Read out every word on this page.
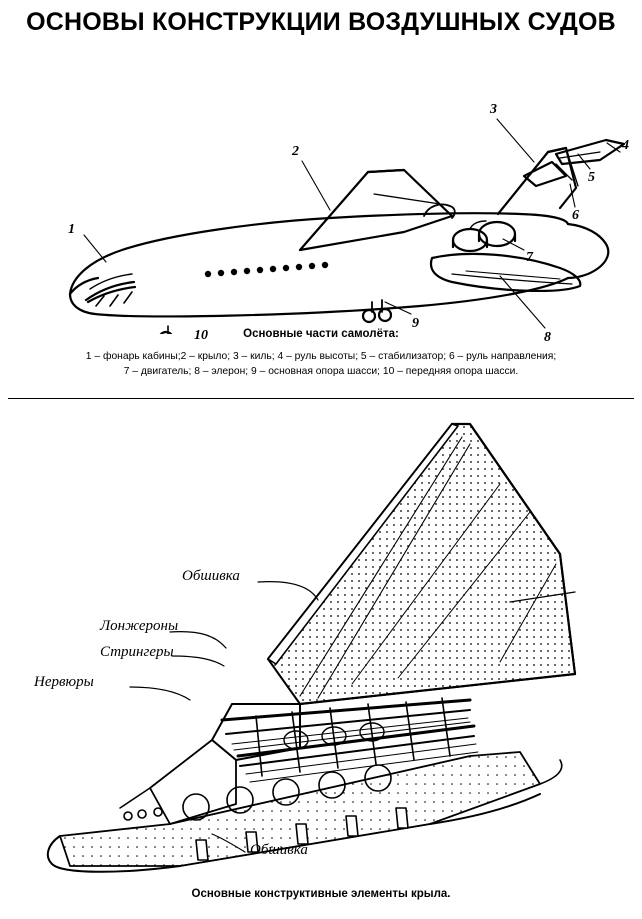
ОСНОВЫ КОНСТРУКЦИИ ВОЗДУШНЫХ СУДОВ
1
2
3
4
5
6
7
8
9
10	Основные части самолёта:
1 – фонарь кабины;2 – крыло; 3 – киль; 4 – руль высоты; 5 – стабилизатор; 6 – руль направления;
7 – двигатель; 8 – элерон; 9 – основная опора шасси; 10 – передняя опора шасси.
Обшивка
Лонжероны
Стрингеры
Нервюры
Обшивка
Основные конструктивные элементы крыла.
